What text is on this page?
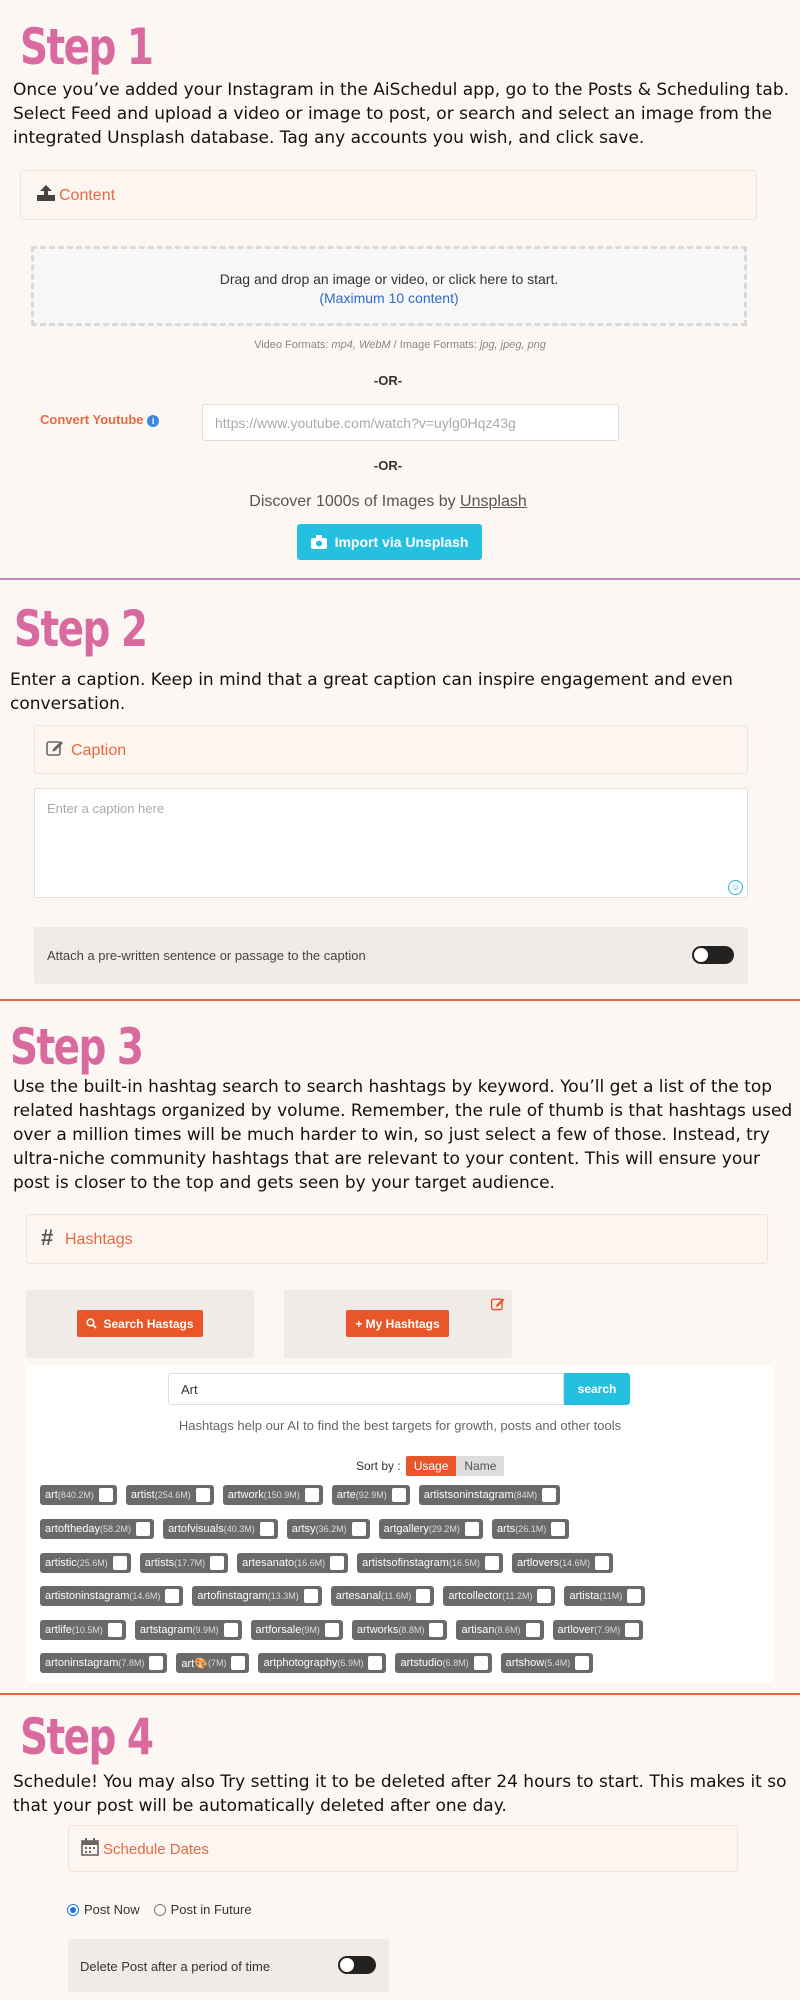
Step 1
Once you’ve added your Instagram in the AiSchedul app, go to the Posts & Scheduling tab. Select Feed and upload a video or image to post, or search and select an image from the integrated Unsplash database. Tag any accounts you wish, and click save.
Content
Drag and drop an image or video, or click here to start.
(Maximum 10 content)
Video Formats: mp4, WebM / Image Formats: jpg, jpeg, png
-OR-
Convert Youtube i	https://www.youtube.com/watch?v=uylg0Hqz43g
-OR-
Discover 1000s of Images by Unsplash
Import via Unsplash
Step 2
Enter a caption. Keep in mind that a great caption can inspire engagement and even conversation.
Caption
Enter a caption here
☺
Attach a pre-written sentence or passage to the caption
Step 3
Use the built-in hashtag search to search hashtags by keyword. You’ll get a list of the top related hashtags organized by volume. Remember, the rule of thumb is that hashtags used over a million times will be much harder to win, so just select a few of those. Instead, try ultra-niche community hashtags that are relevant to your content. This will ensure your post is closer to the top and gets seen by your target audience.
# Hashtags
Search Hastags	+ My Hashtags
Art	search
Hashtags help our AI to find the best targets for growth, posts and other tools
Sort by :	Usage	Name
art (840.2M)	artist (254.6M)	artwork (150.9M)	arte (92.9M)	artistsoninstagram (84M)
artoftheday (58.2M)	artofvisuals (40.3M)	artsy (36.2M)	artgallery (29.2M)	arts (26.1M)
artistic (25.6M)	artists (17.7M)	artesanato (16.6M)	artistsofinstagram (16.5M)	artlovers (14.6M)
artistoninstagram (14.6M)	artofinstagram (13.3M)	artesanal (11.6M)	artcollector (11.2M)	artista (11M)
artlife (10.5M)	artstagram (9.9M)	artforsale (9M)	artworks (8.8M)	artisan (8.6M)	artlover (7.9M)
artoninstagram (7.8M)	art🎨 (7M)	artphotography (6.9M)	artstudio (6.8M)	artshow (5.4M)
Step 4
Schedule! You may also Try setting it to be deleted after 24 hours to start. This makes it so that your post will be automatically deleted after one day.
Schedule Dates
Post Now Post in Future
Delete Post after a period of time
